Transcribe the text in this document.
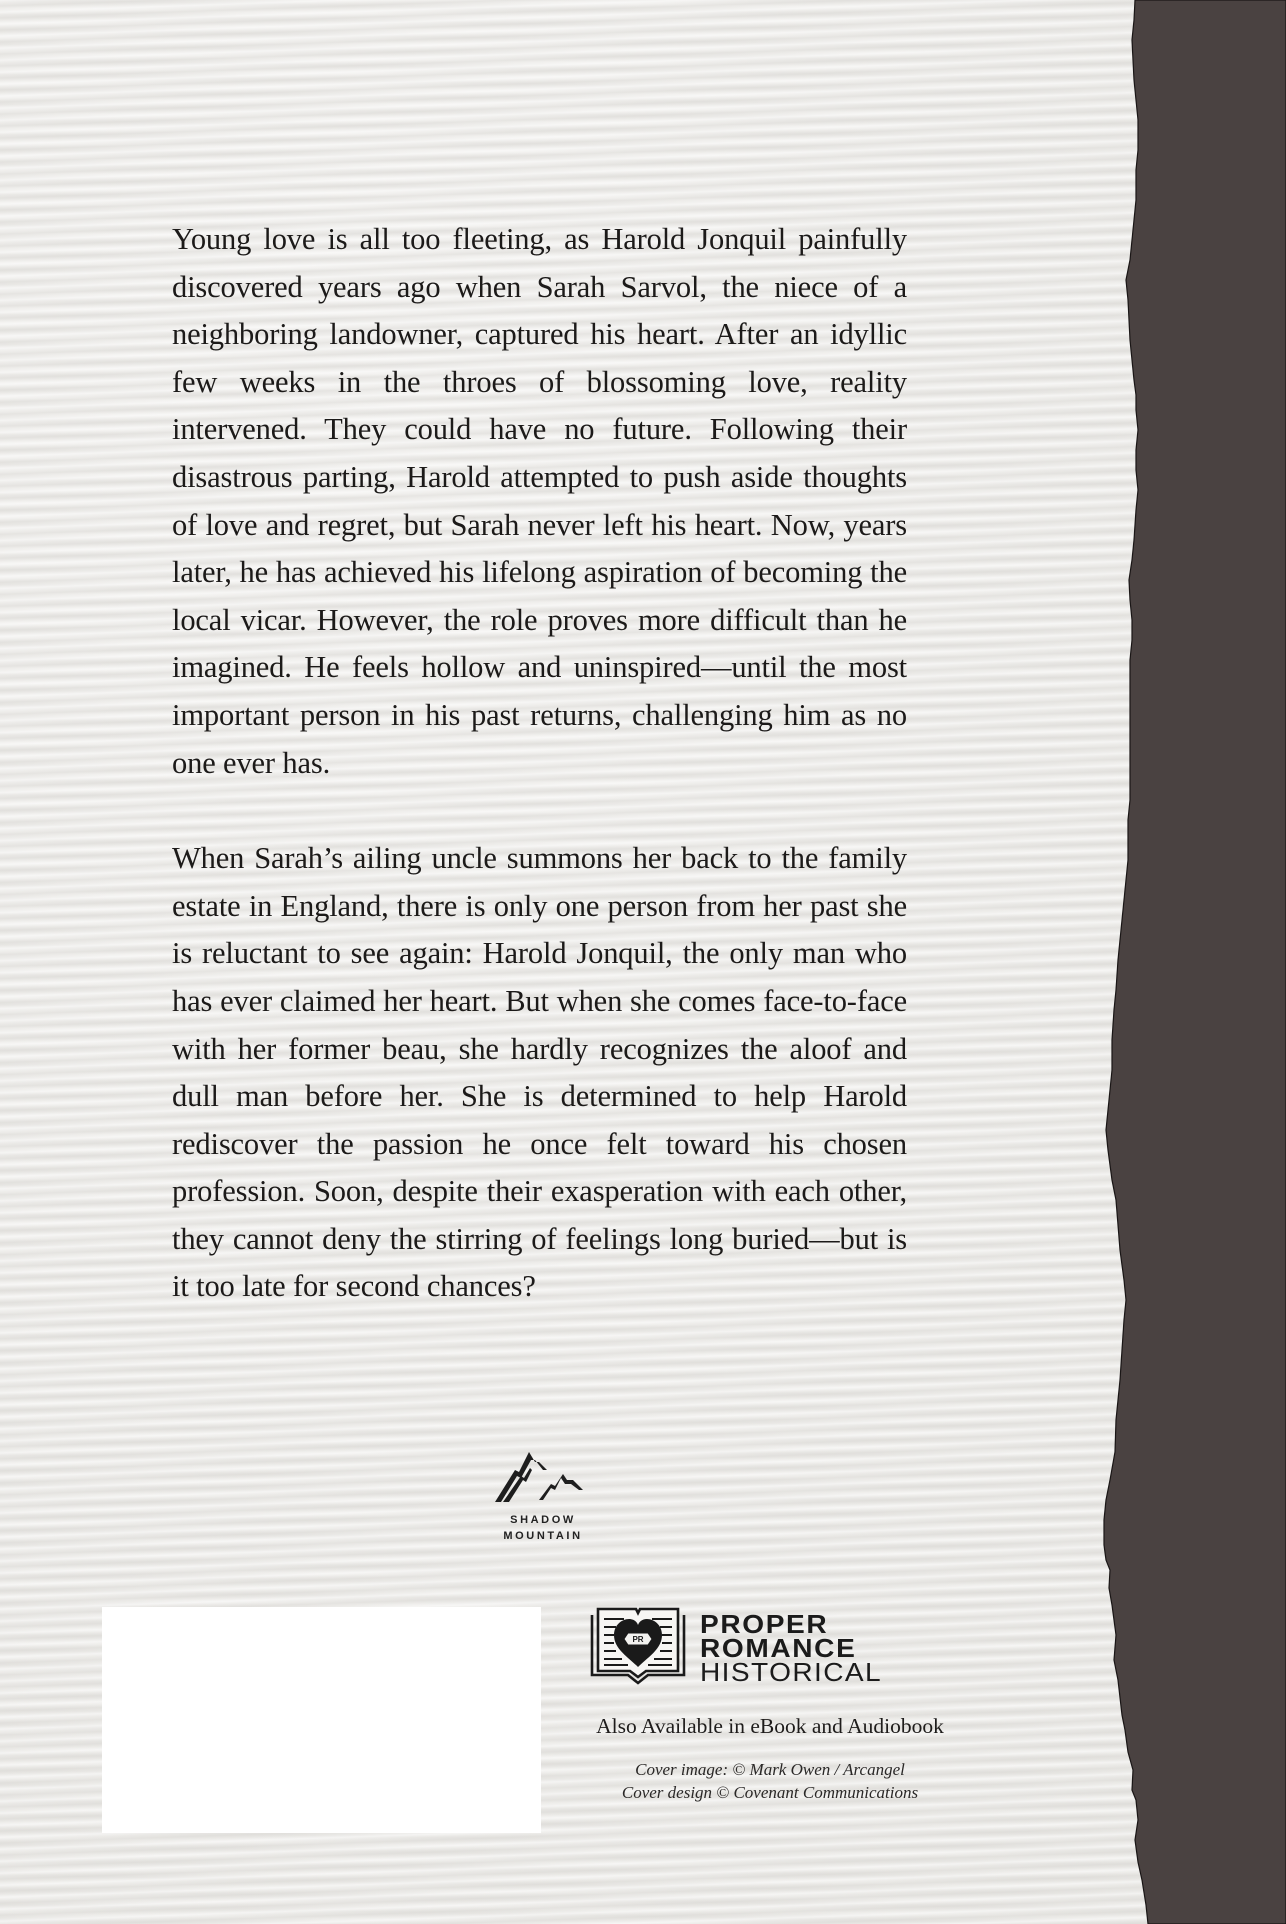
Young love is all too fleeting, as Harold Jonquil painfully discovered years ago when Sarah Sarvol, the niece of a neighboring landowner, captured his heart. After an idyllic few weeks in the throes of blossoming love, reality intervened. They could have no future. Following their disastrous parting, Harold attempted to push aside thoughts of love and regret, but Sarah never left his heart. Now, years later, he has achieved his lifelong aspiration of becoming the local vicar. However, the role proves more difficult than he imagined. He feels hollow and uninspired—until the most important person in his past returns, challenging him as no one ever has.

When Sarah’s ailing uncle summons her back to the family estate in England, there is only one person from her past she is reluctant to see again: Harold Jonquil, the only man who has ever claimed her heart. But when she comes face-to-face with her former beau, she hardly recognizes the aloof and dull man before her. She is determined to help Harold rediscover the passion he once felt toward his chosen profession. Soon, despite their exasperation with each other, they cannot deny the stirring of feelings long buried—but is it too late for second chances?

SHADOW
MOUNTAIN
PR
PROPER
ROMANCE
HISTORICAL
Also Available in eBook and Audiobook
Cover image: © Mark Owen / Arcangel
Cover design © Covenant Communications
